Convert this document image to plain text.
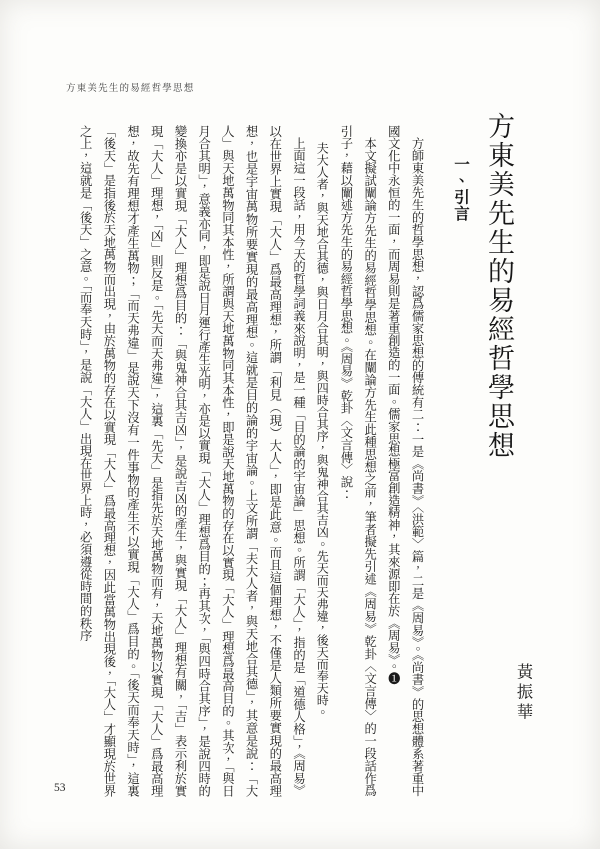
方東美先生的易經哲學思想
方東美先生的易經哲學思想
黃振華
一、引言

方師東美先生的哲學思想，認爲儒家思想的傳統有二：一是《尚書》〈洪範〉篇，二是《周易》。《尚書》的思想體系著重中國文化中永恒的一面，而周易則是著重創造的一面。儒家思想極富創造精神，其來源即在於《周易》。❶

本文擬試闡論方先生的易經哲學思想。在闡論方先生此種思想之前，筆者擬先引述《周易》乾卦〈文言傳〉的一段話作爲引子，藉以闡述方先生的易經哲學思想。《周易》乾卦〈文言傳〉說：

夫大人者，與天地合其德，與日月合其明，與四時合其序，與鬼神合其吉凶。先天而天弗違，後天而奉天時。

上面這一段話，用今天的哲學詞義來說明，是一種「目的論的宇宙論」思想。所謂「大人」，指的是「道德人格」，《周易》以在世界上實現「大人」爲最高理想，所謂「利見（現）大人」，即是此意。而且這個理想，不僅是人類所要實現的最高理想，也是宇宙萬物所要實現的最高理想。這就是目的論的宇宙論。上文所謂「夫大人者，與天地合其德」，其意是說：「大人」與天地萬物同其本性，所謂與天地萬物同其本性，即是說天地萬物的存在以實現「大人」理想爲最高目的。其次，「與日月合其明」，意義亦同，即是說日月運行產生光明，亦是以實現「大人」理想爲目的；再其次，「與四時合其序」，是說四時的變換亦是以實現「大人」理想爲目的：「與鬼神合其吉凶」，是說吉凶的產生，與實現「大人」理想有關，「吉」表示利於實現「大人」理想，「凶」則反是。「先天而天弗違」，這裏「先天」是指先於天地萬物而有，天地萬物以實現「大人」爲最高理想，故先有理想才產生萬物；「而天弗違」是說天下沒有一件事物的產生不以實現「大人」爲目的。「後天而奉天時」，這裏「後天」是指後於天地萬物而出現，由於萬物的存在以實現「大人」爲最高理想，因此當萬物出現後，「大人」才顯現於世界之上，這就是「後天」之意。「而奉天時」，是說「大人」出現在世界上時，必須遵從時間的秩序

53
